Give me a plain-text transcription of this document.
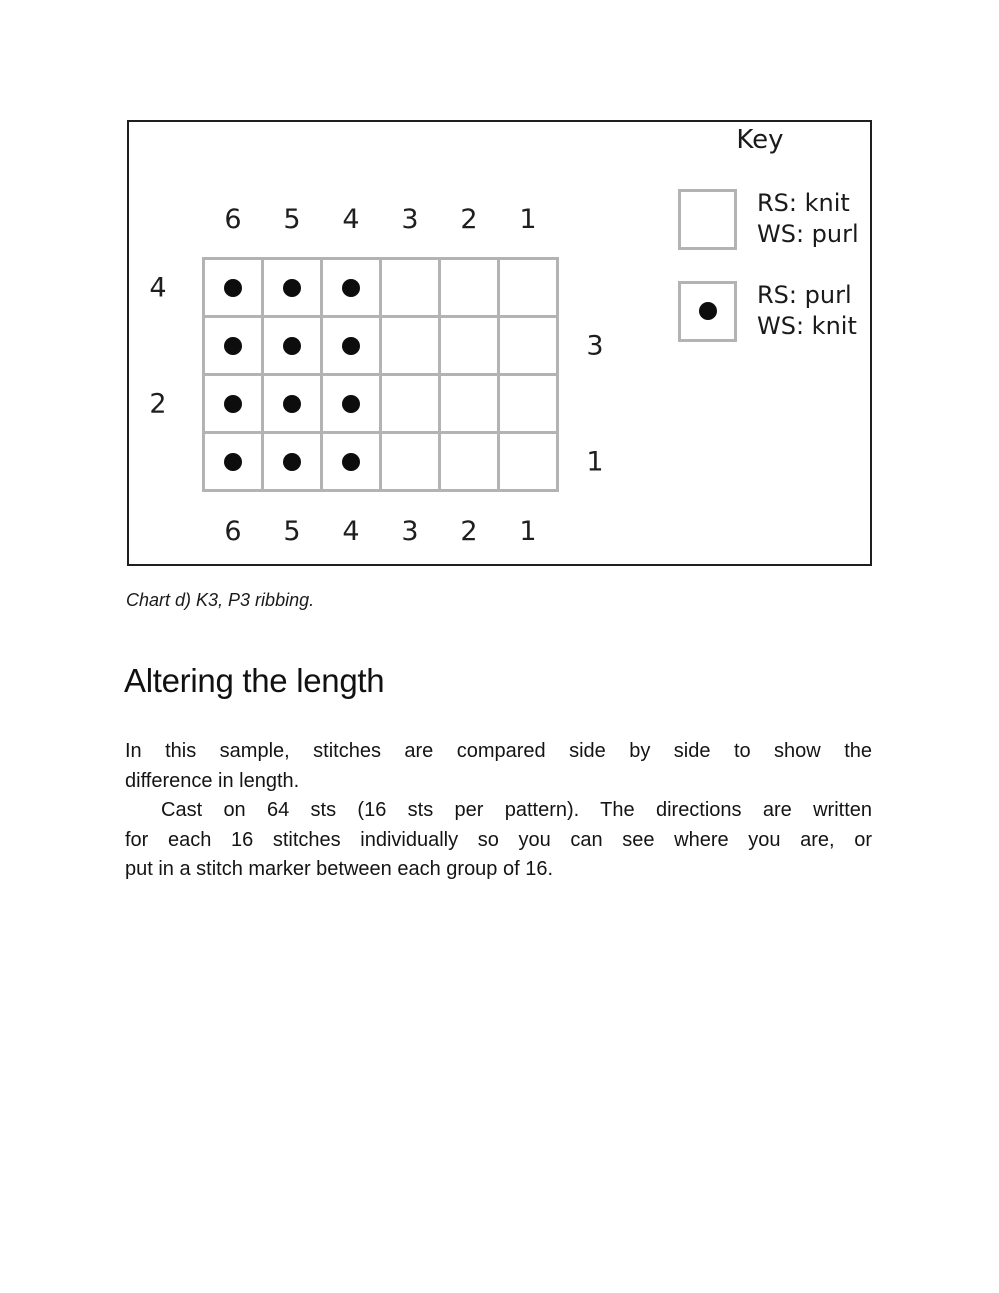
Key
RS: knit
WS: purl
RS: purl
WS: knit
6	5	4	3	2	1
6	5	4	3	2	1
4
2
3
1
Chart d) K3, P3 ribbing.
Altering the length
In this sample, stitches are compared side by side to show the
difference in length.
Cast on 64 sts (16 sts per pattern). The directions are written
for each 16 stitches individually so you can see where you are, or
put in a stitch marker between each group of 16.
